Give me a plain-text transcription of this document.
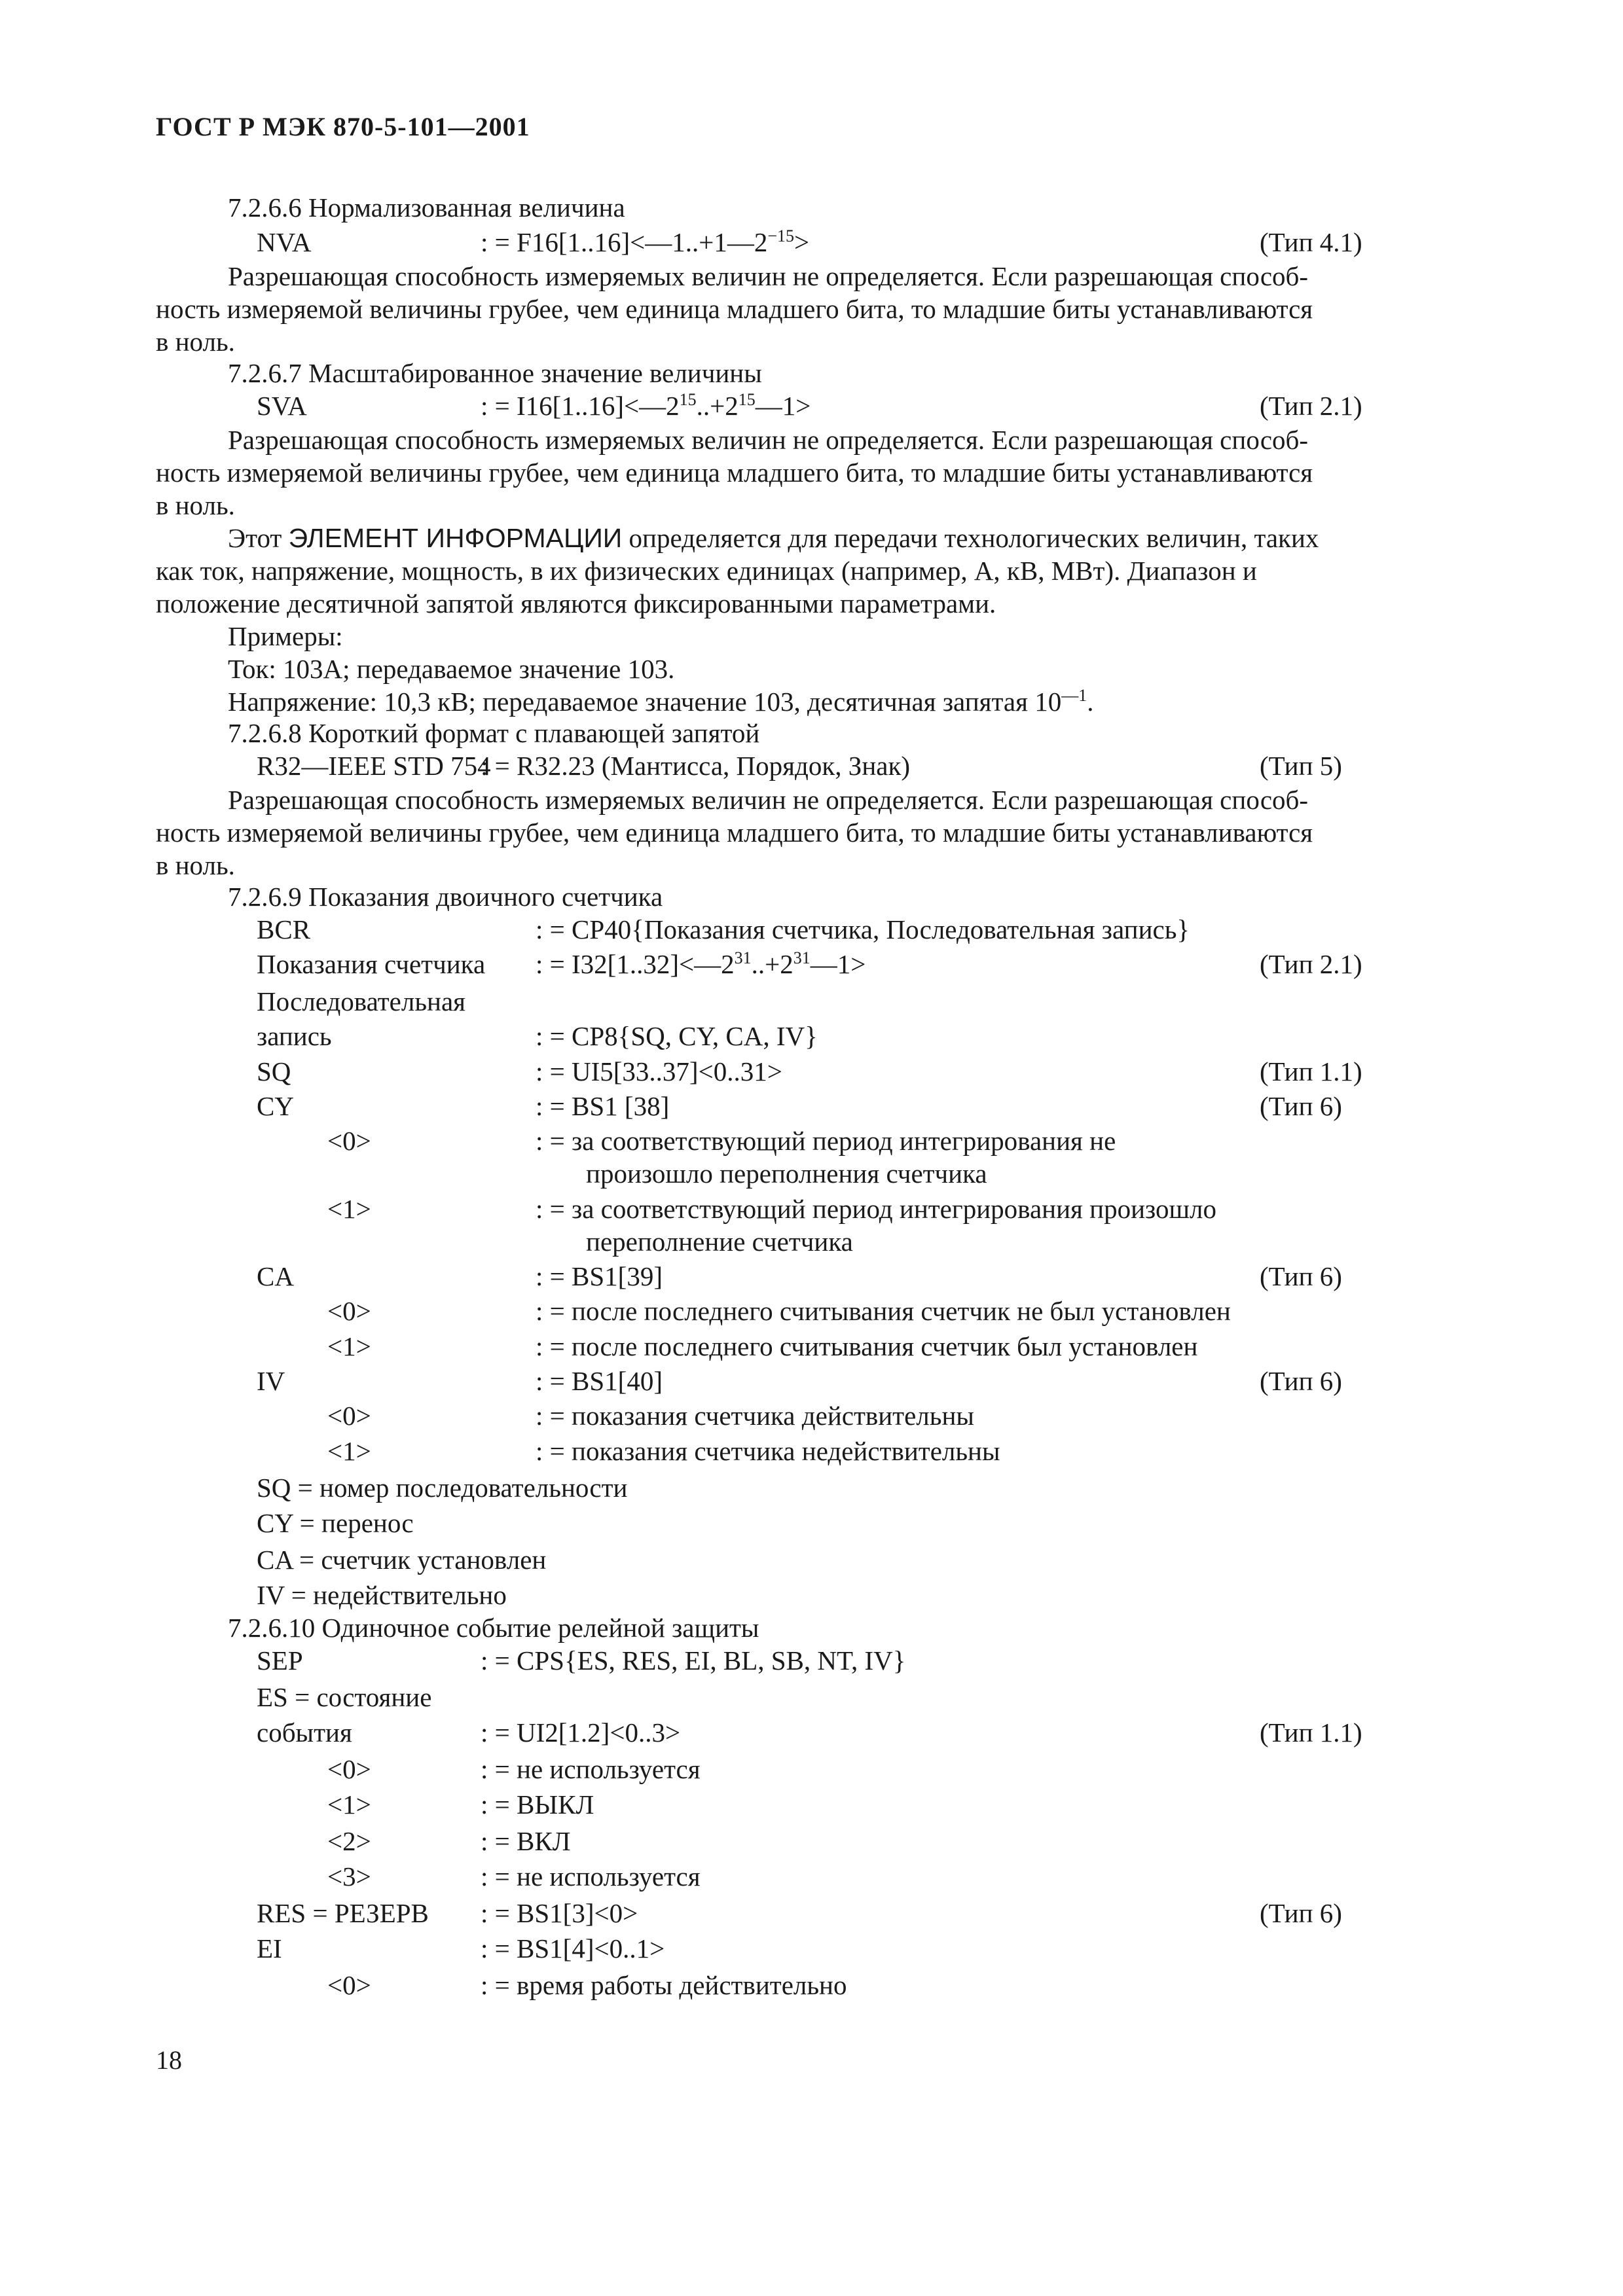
ГОСТ Р МЭК 870-5-101—2001
7.2.6.6 Нормализованная величина
NVA	: = $F16[1..16]<—1..+1—2^{-15}>$	(Тип 4.1)
Разрешающая способность измеряемых величин не определяется. Если разрешающая способ-
ность измеряемой величины грубее, чем единица младшего бита, то младшие биты устанавливаются
в ноль.
7.2.6.7 Масштабированное значение величины
SVA	: = $I16[1..16]<—2^{15}..+2^{15}—1>$	(Тип 2.1)
Разрешающая способность измеряемых величин не определяется. Если разрешающая способ-
ность измеряемой величины грубее, чем единица младшего бита, то младшие биты устанавливаются
в ноль.
Этот ЭЛЕМЕНТ ИНФОРМАЦИИ определяется для передачи технологических величин, таких
как ток, напряжение, мощность, в их физических единицах (например, А, кВ, МВт). Диапазон и
положение десятичной запятой являются фиксированными параметрами.
Примеры:
Ток: 103А; передаваемое значение 103.
Напряжение: 10,3 кВ; передаваемое значение 103, десятичная запятая $10^{—1}$.
7.2.6.8 Короткий формат с плавающей запятой
R32—IEEE STD 754
: = R32.23 (Мантисса, Порядок, Знак)	(Тип 5)
Разрешающая способность измеряемых величин не определяется. Если разрешающая способ-
ность измеряемой величины грубее, чем единица младшего бита, то младшие биты устанавливаются
в ноль.
7.2.6.9 Показания двоичного счетчика
BCR	: = CP40{Показания счетчика, Последовательная запись}
Показания счетчика : = $I32[1..32]<—2^{31}..+2^{31}—1>$	(Тип 2.1)
Последовательная
запись	: = CP8{SQ, CY, CA, IV}
SQ	: = UI5[33..37]<0..31>	(Тип 1.1)
CY	: = BS1 [38]	(Тип 6)
<0>	: = за соответствующий период интегрирования не
произошло переполнения счетчика
<1>	: = за соответствующий период интегрирования произошло
переполнение счетчика
CA	: = BS1[39]	(Тип 6)
<0>	: = после последнего считывания счетчик не был установлен
<1>	: = после последнего считывания счетчик был установлен
IV	: = BS1[40]	(Тип 6)
<0>	: = показания счетчика действительны
<1>	: = показания счетчика недействительны
SQ = номер последовательности
CY = перенос
CA = счетчик установлен
IV = недействительно
7.2.6.10 Одиночное событие релейной защиты
SEP	: = CPS{ES, RES, EI, BL, SB, NT, IV}
ES = состояние
события	: = UI2[1.2]<0..3>	(Тип 1.1)
<0>	: = не используется
<1>	: = ВЫКЛ
<2>	: = ВКЛ
<3>	: = не используется
RES = РЕЗЕРВ : = BS1[3]<0>	(Тип 6)
EI	: = BS1[4]<0..1>
<0>	: = время работы действительно
18
